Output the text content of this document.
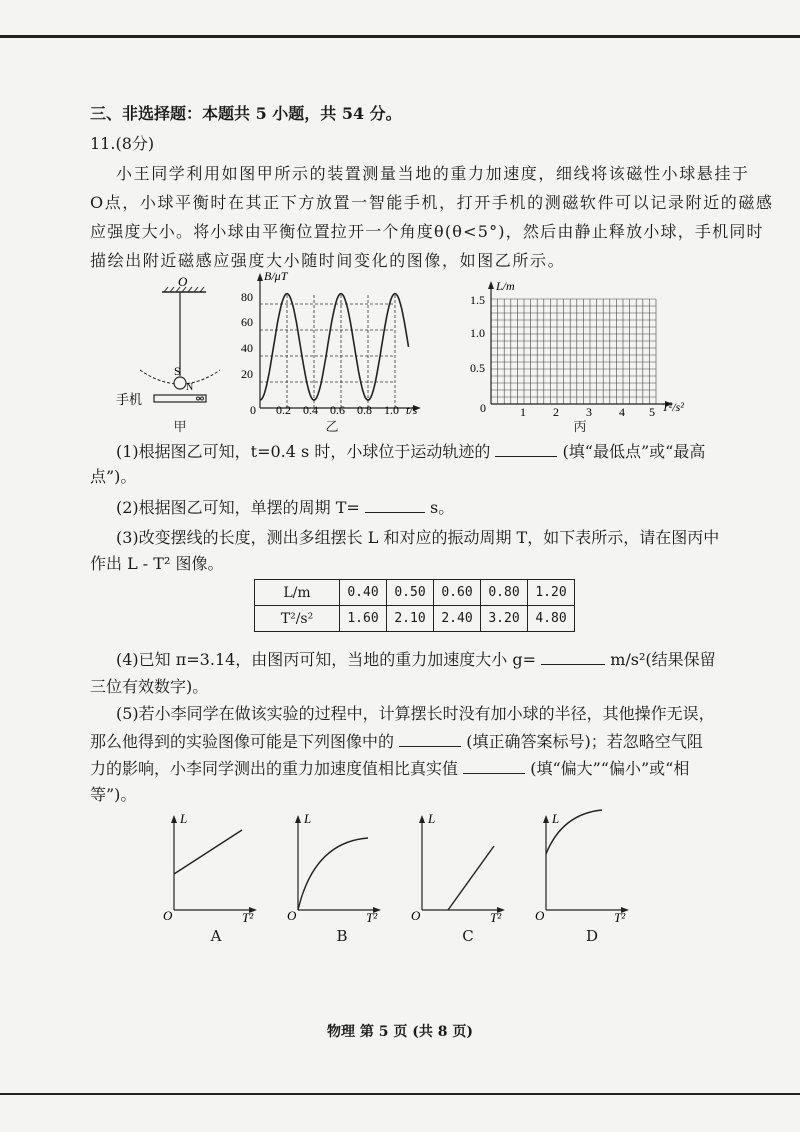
三、非选择题：本题共 5 小题，共 54 分。
11.(8分)
小王同学利用如图甲所示的装置测量当地的重力加速度，细线将该磁性小球悬挂于
O点，小球平衡时在其正下方放置一智能手机，打开手机的测磁软件可以记录附近的磁感
应强度大小。将小球由平衡位置拉开一个角度θ(θ<5°)，然后由静止释放小球，手机同时
描绘出附近磁感应强度大小随时间变化的图像，如图乙所示。
O
S
N
手机
甲
B/μT
t/s
0
20
40
60
80
0.2 0.4 0.6 0.8 1.0
乙
L/m
T²/s²
0
0.5
1.0
1.5
1 2 3 4 5
丙
(1)根据图乙可知，t=0.4 s 时，小球位于运动轨迹的	(填“最低点”或“最高
点”)。
(2)根据图乙可知，单摆的周期 T=	s。
(3)改变摆线的长度，测出多组摆长 L 和对应的振动周期 T，如下表所示，请在图丙中
作出 L - T² 图像。
L/m	0.40	0.50	0.60	0.80	1.20
T²/s²	1.60	2.10	2.40	3.20	4.80
(4)已知 π=3.14，由图丙可知，当地的重力加速度大小 g=	m/s²(结果保留
三位有效数字)。
(5)若小李同学在做该实验的过程中，计算摆长时没有加小球的半径，其他操作无误，
那么他得到的实验图像可能是下列图像中的	(填正确答案标号)；若忽略空气阻
力的影响，小李同学测出的重力加速度值相比真实值	(填“偏大”“偏小”或“相
等”)。
L
T²
O
A
L
T²
O
B
L
T²
O
C
L
T²
O
D
物理 第 5 页 (共 8 页)
